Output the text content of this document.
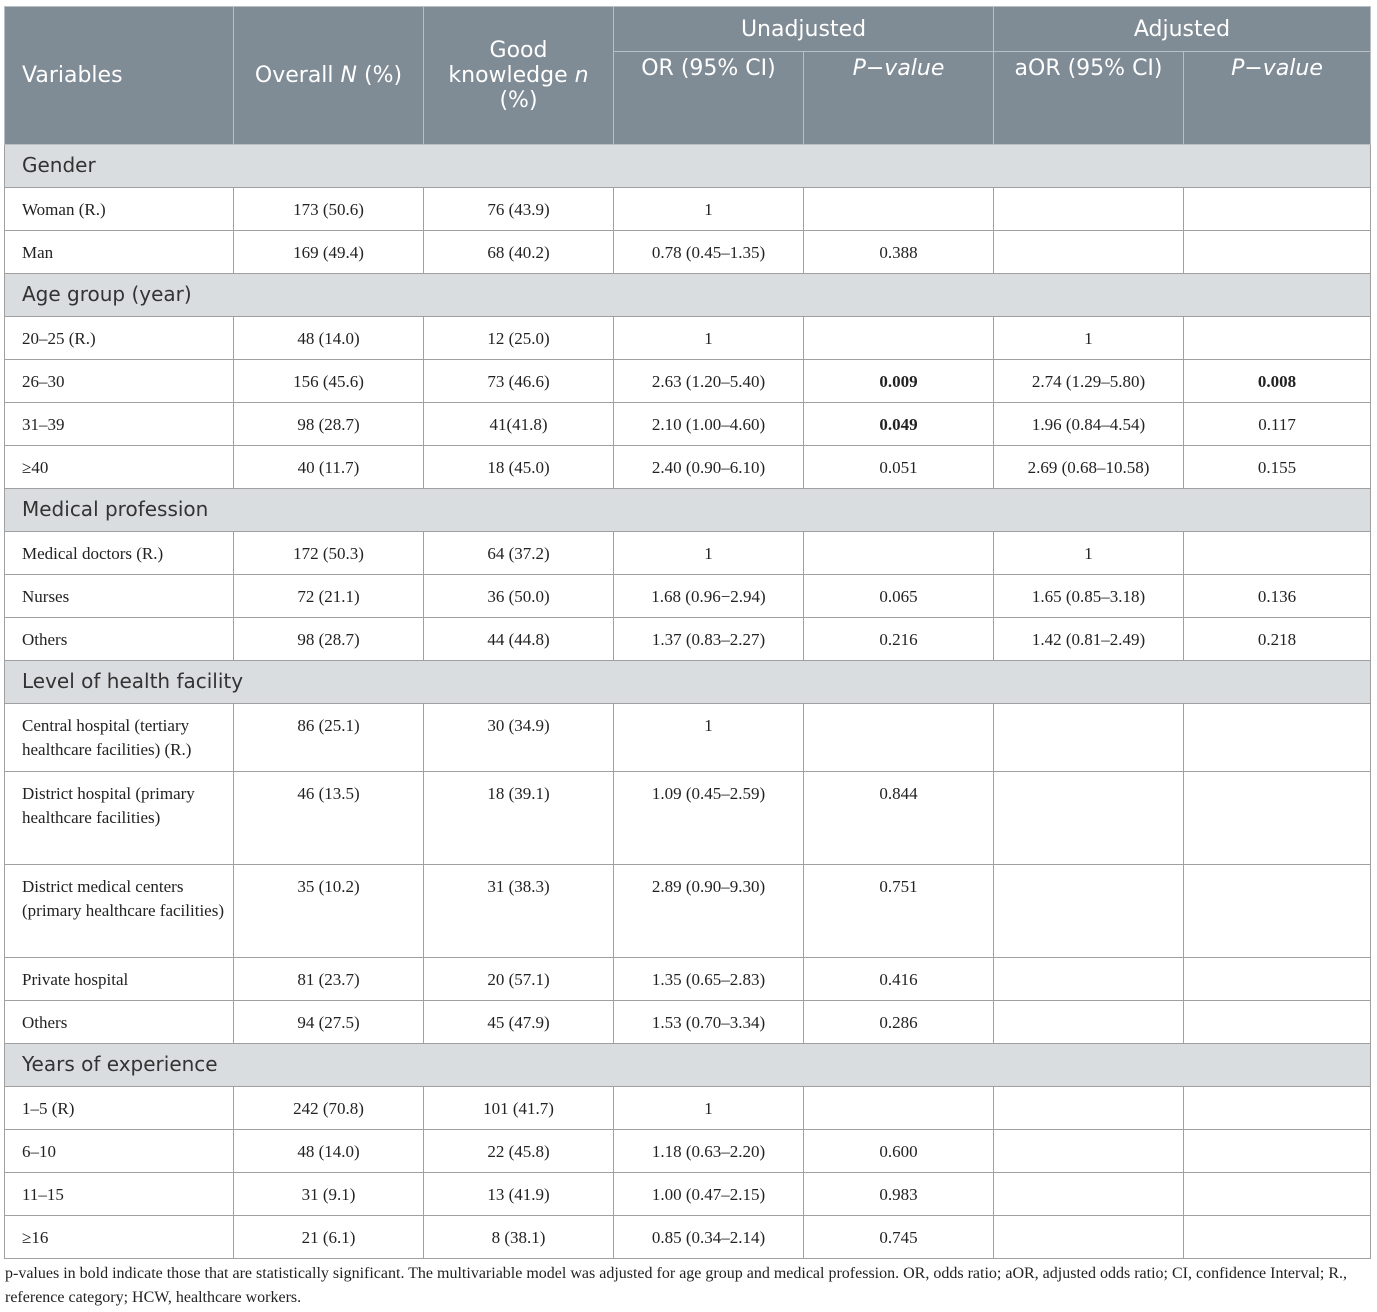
Variables	Overall N (%)	Good knowledge n (%)	Unadjusted		Adjusted	
			OR (95% CI)	P−value	aOR (95% CI)	P−value
Gender						
Woman (R.)	173 (50.6)	76 (43.9)	1			
Man	169 (49.4)	68 (40.2)	0.78 (0.45–1.35)	0.388		
Age group (year)						
20–25 (R.)	48 (14.0)	12 (25.0)	1		1	
26–30	156 (45.6)	73 (46.6)	2.63 (1.20–5.40)	0.009	2.74 (1.29–5.80)	0.008
31–39	98 (28.7)	41(41.8)	2.10 (1.00–4.60)	0.049	1.96 (0.84–4.54)	0.117
≥40	40 (11.7)	18 (45.0)	2.40 (0.90–6.10)	0.051	2.69 (0.68–10.58)	0.155
Medical profession						
Medical doctors (R.)	172 (50.3)	64 (37.2)	1		1	
Nurses	72 (21.1)	36 (50.0)	1.68 (0.96−2.94)	0.065	1.65 (0.85–3.18)	0.136
Others	98 (28.7)	44 (44.8)	1.37 (0.83–2.27)	0.216	1.42 (0.81–2.49)	0.218
Level of health facility						
Central hospital (tertiary healthcare facilities) (R.)	86 (25.1)	30 (34.9)	1			
District hospital (primary healthcare facilities)	46 (13.5)	18 (39.1)	1.09 (0.45–2.59)	0.844		
District medical centers (primary healthcare facilities)	35 (10.2)	31 (38.3)	2.89 (0.90–9.30)	0.751		
Private hospital	81 (23.7)	20 (57.1)	1.35 (0.65–2.83)	0.416		
Others	94 (27.5)	45 (47.9)	1.53 (0.70–3.34)	0.286		
Years of experience						
1–5 (R)	242 (70.8)	101 (41.7)	1			
6–10	48 (14.0)	22 (45.8)	1.18 (0.63–2.20)	0.600		
11–15	31 (9.1)	13 (41.9)	1.00 (0.47–2.15)	0.983		
≥16	21 (6.1)	8 (38.1)	0.85 (0.34–2.14)	0.745		
p-values in bold indicate those that are statistically significant. The multivariable model was adjusted for age group and medical profession. OR, odds ratio; aOR, adjusted odds ratio; CI, confidence Interval; R., reference category; HCW, healthcare workers.
